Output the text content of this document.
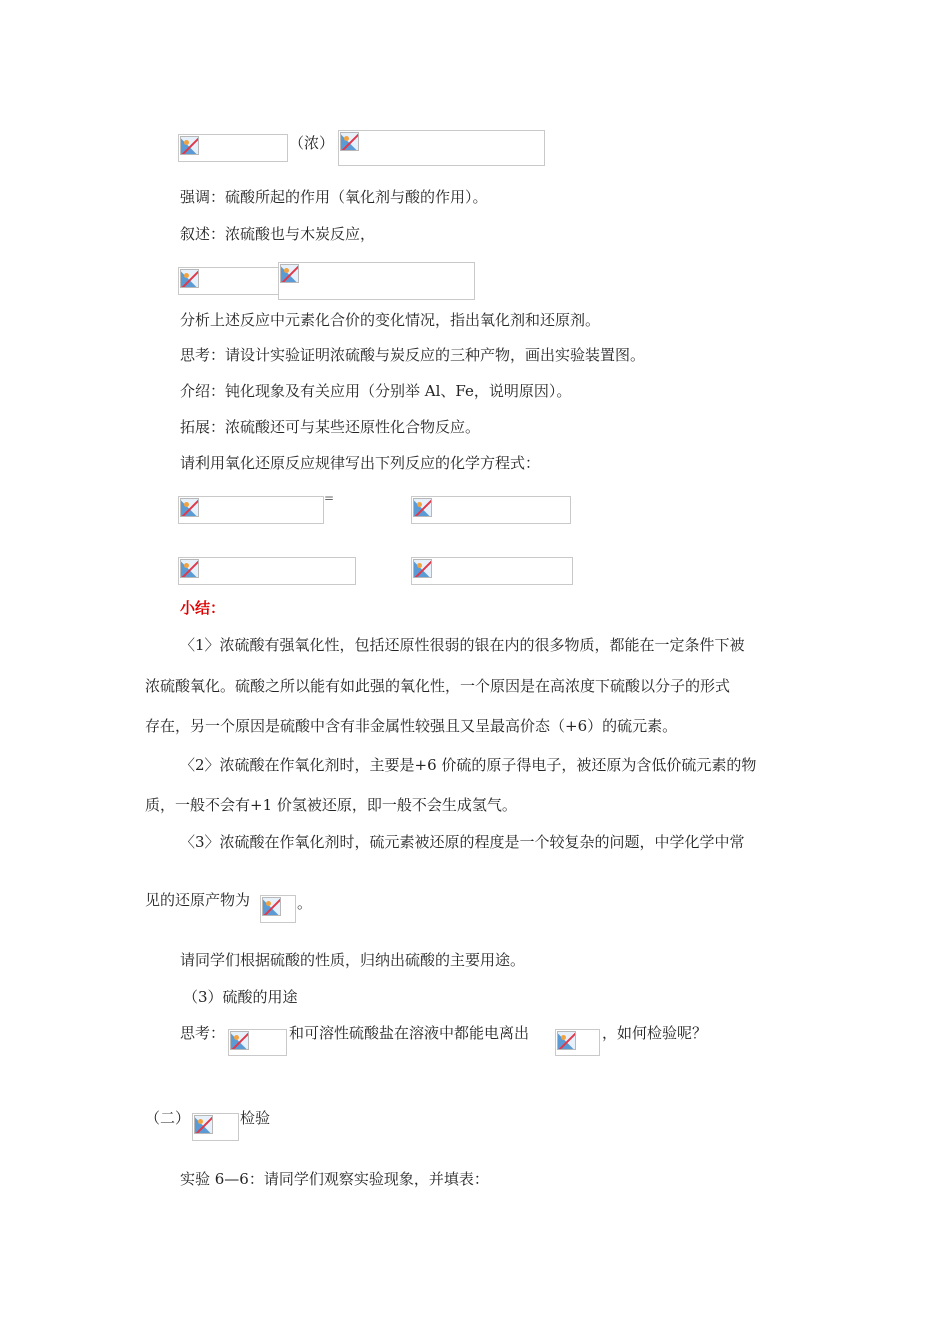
（浓）
强调：硫酸所起的作用（氧化剂与酸的作用）。
叙述：浓硫酸也与木炭反应，
分析上述反应中元素化合价的变化情况，指出氧化剂和还原剂。
思考：请设计实验证明浓硫酸与炭反应的三种产物，画出实验装置图。
介绍：钝化现象及有关应用（分别举 Al、Fe，说明原因）。
拓展：浓硫酸还可与某些还原性化合物反应。
请利用氧化还原反应规律写出下列反应的化学方程式：
=
小结：
〈1〉浓硫酸有强氧化性，包括还原性很弱的银在内的很多物质，都能在一定条件下被
浓硫酸氧化。硫酸之所以能有如此强的氧化性，一个原因是在高浓度下硫酸以分子的形式
存在，另一个原因是硫酸中含有非金属性较强且又呈最高价态（+6）的硫元素。
〈2〉浓硫酸在作氧化剂时，主要是+6 价硫的原子得电子，被还原为含低价硫元素的物
质，一般不会有+1 价氢被还原，即一般不会生成氢气。
〈3〉浓硫酸在作氧化剂时，硫元素被还原的程度是一个较复杂的问题，中学化学中常
见的还原产物为	。
请同学们根据硫酸的性质，归纳出硫酸的主要用途。
（3）硫酸的用途
思考：	和可溶性硫酸盐在溶液中都能电离出	，如何检验呢？
（二）	检验
实验 6—6：请同学们观察实验现象，并填表：
